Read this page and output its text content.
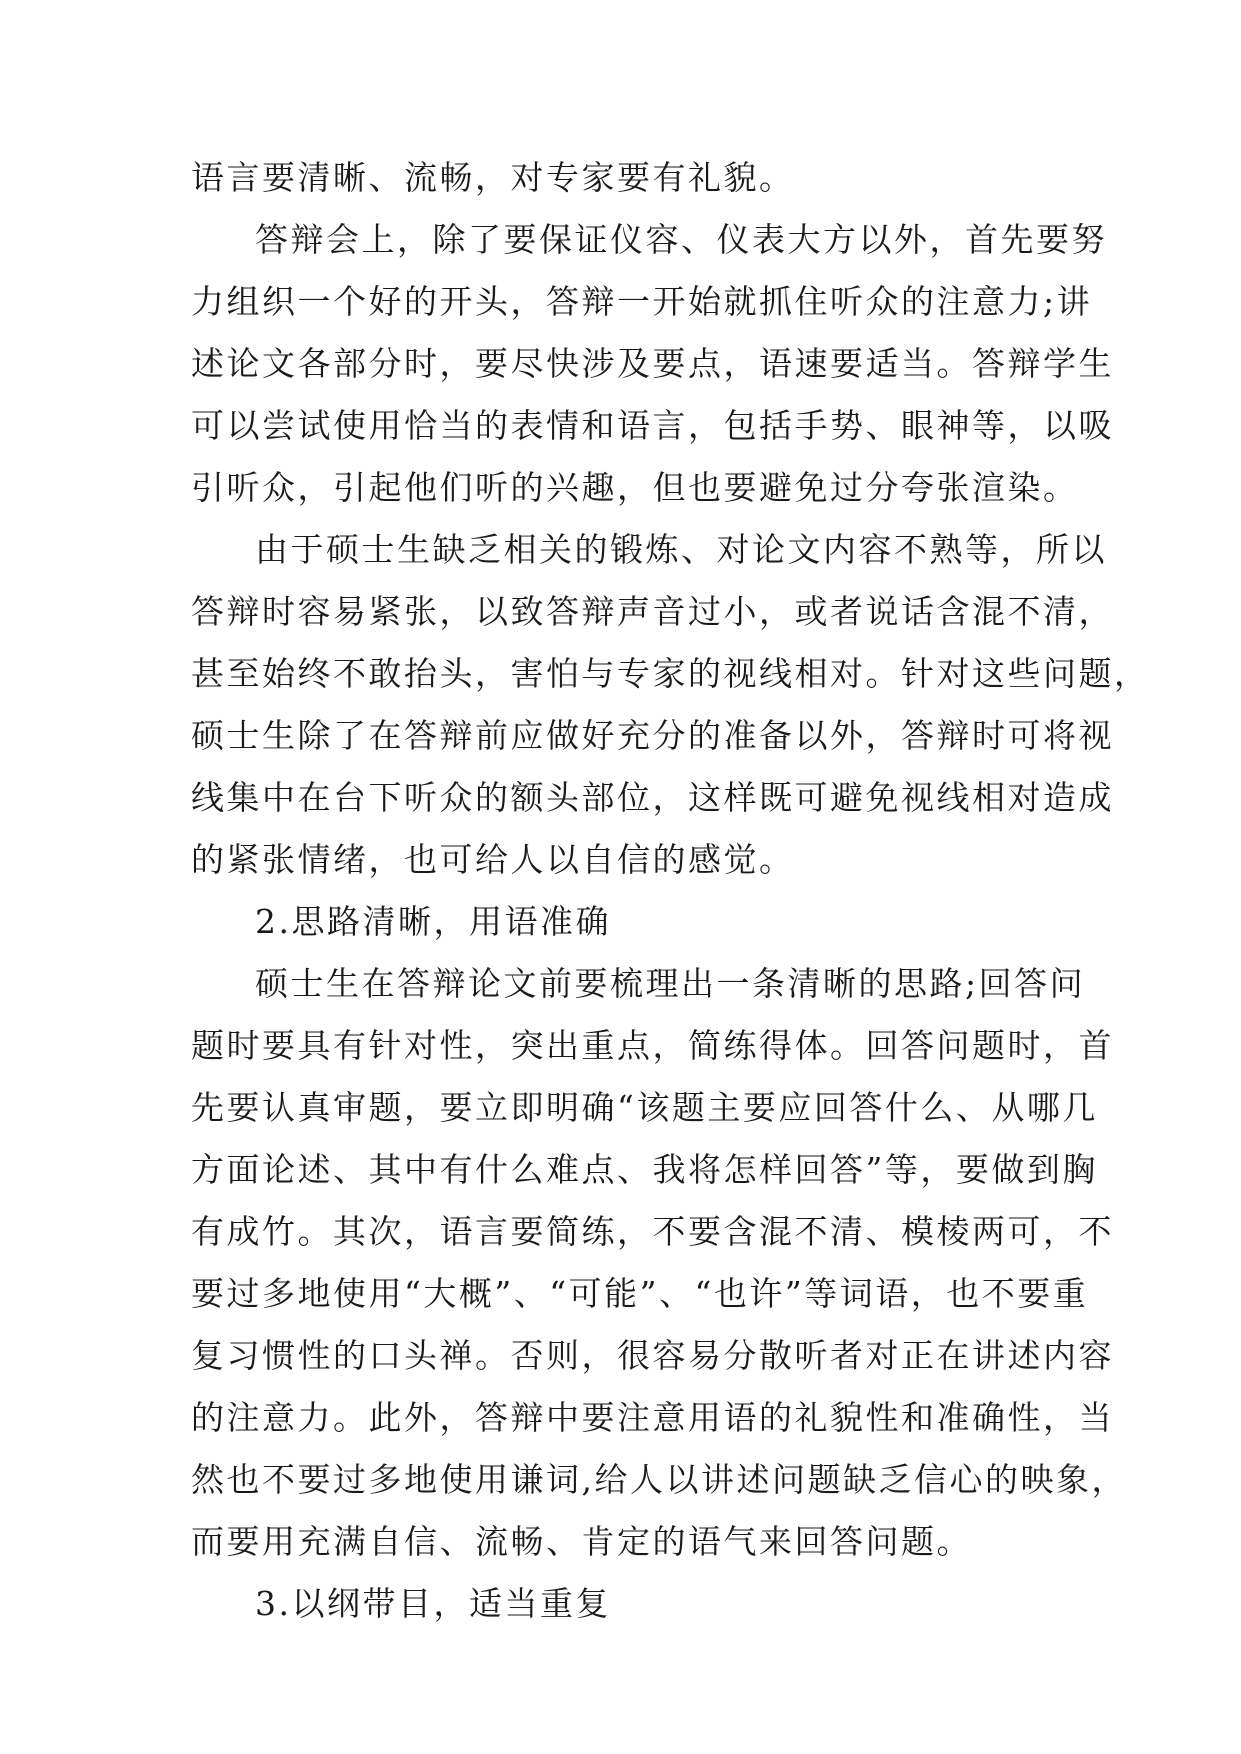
语言要清晰、流畅，对专家要有礼貌。
答辩会上，除了要保证仪容、仪表大方以外，首先要努
力组织一个好的开头，答辩一开始就抓住听众的注意力;讲
述论文各部分时，要尽快涉及要点，语速要适当。答辩学生
可以尝试使用恰当的表情和语言，包括手势、眼神等，以吸
引听众，引起他们听的兴趣，但也要避免过分夸张渲染。
由于硕士生缺乏相关的锻炼、对论文内容不熟等，所以
答辩时容易紧张，以致答辩声音过小，或者说话含混不清，
甚至始终不敢抬头，害怕与专家的视线相对。针对这些问题，
硕士生除了在答辩前应做好充分的准备以外，答辩时可将视
线集中在台下听众的额头部位，这样既可避免视线相对造成
的紧张情绪，也可给人以自信的感觉。
2.思路清晰，用语准确
硕士生在答辩论文前要梳理出一条清晰的思路;回答问
题时要具有针对性，突出重点，简练得体。回答问题时，首
先要认真审题，要立即明确“该题主要应回答什么、从哪几
方面论述、其中有什么难点、我将怎样回答”等，要做到胸
有成竹。其次，语言要简练，不要含混不清、模棱两可，不
要过多地使用“大概”、“可能”、“也许”等词语，也不要重
复习惯性的口头禅。否则，很容易分散听者对正在讲述内容
的注意力。此外，答辩中要注意用语的礼貌性和准确性，当
然也不要过多地使用谦词,给人以讲述问题缺乏信心的映象，
而要用充满自信、流畅、肯定的语气来回答问题。
3.以纲带目，适当重复
